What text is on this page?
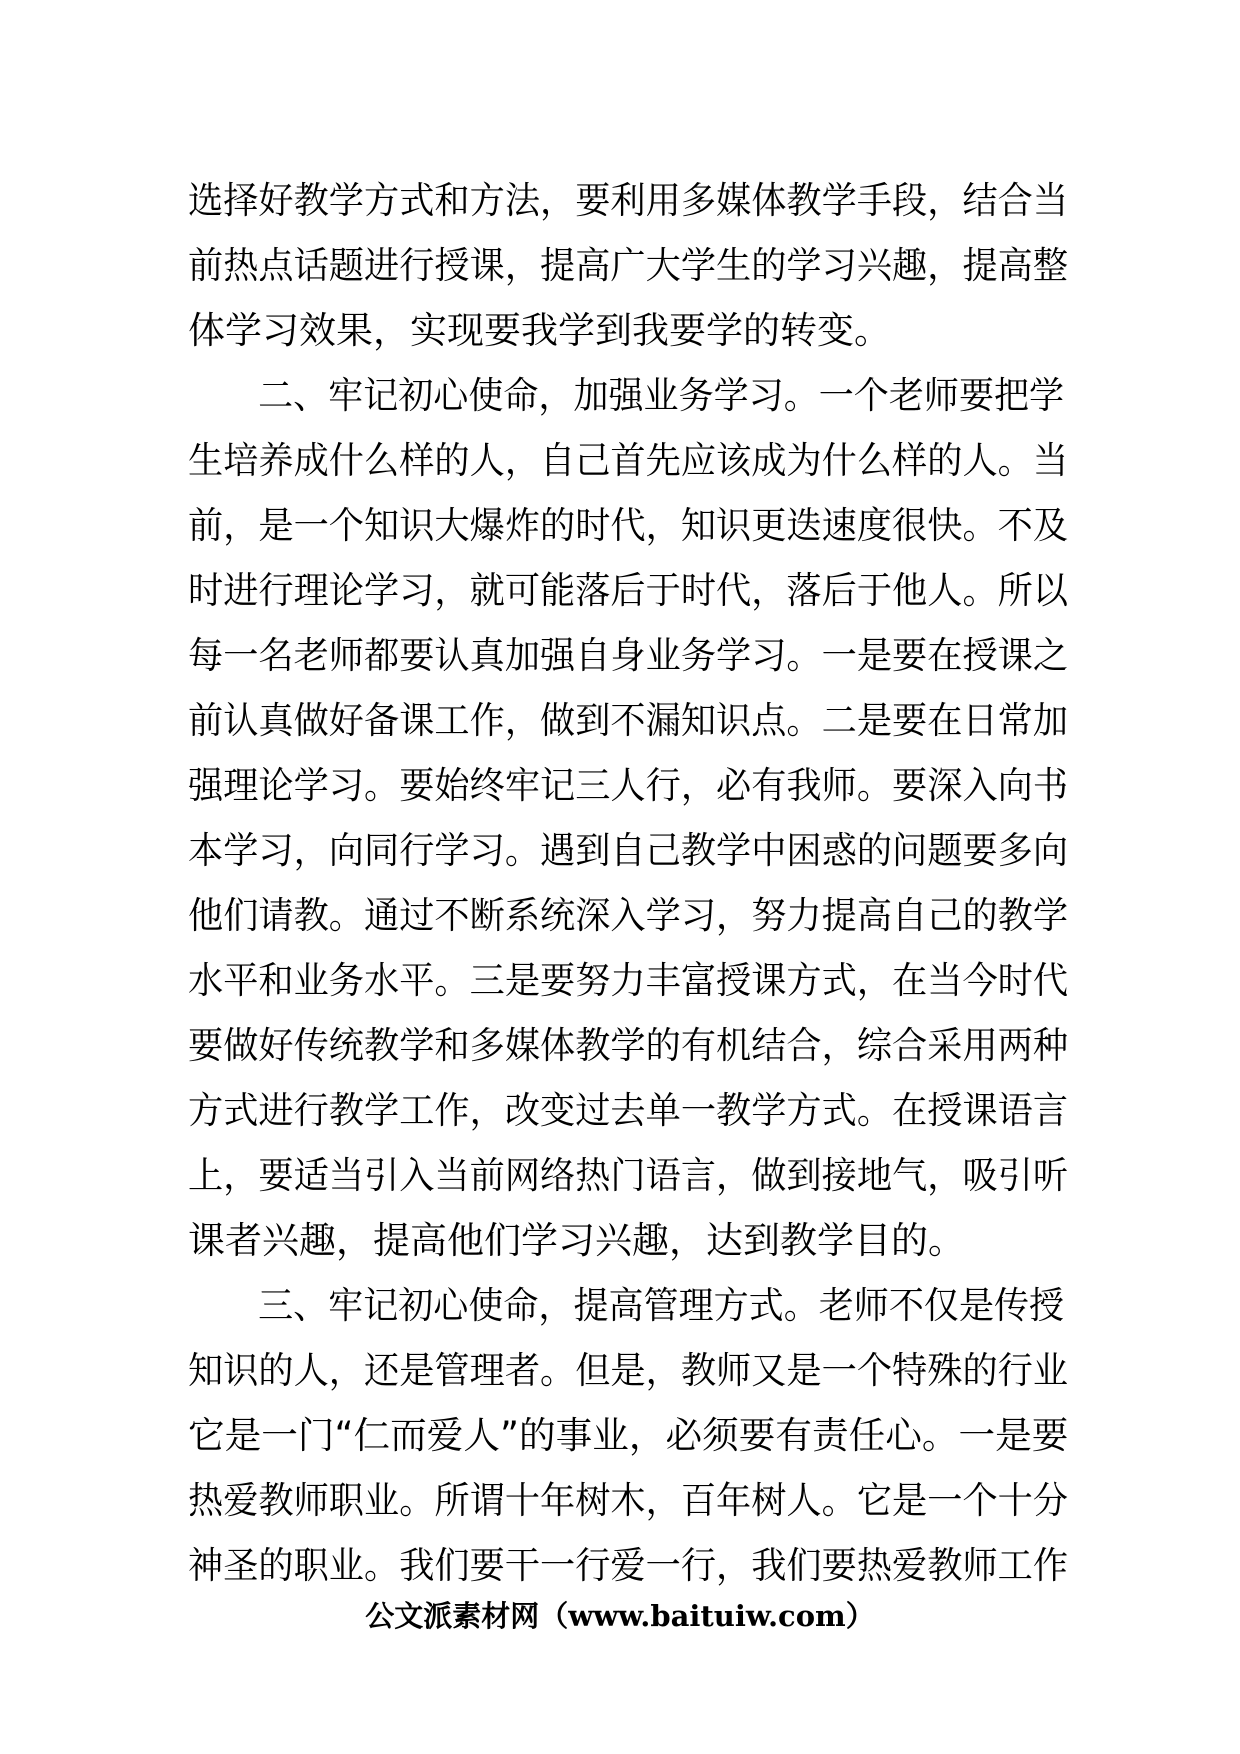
选择好教学方式和方法，要利用多媒体教学手段，结合当
前热点话题进行授课，提高广大学生的学习兴趣，提高整
体学习效果，实现要我学到我要学的转变。
二、牢记初心使命，加强业务学习。一个老师要把学
生培养成什么样的人，自己首先应该成为什么样的人。当
前，是一个知识大爆炸的时代，知识更迭速度很快。不及
时进行理论学习，就可能落后于时代，落后于他人。所以
每一名老师都要认真加强自身业务学习。一是要在授课之
前认真做好备课工作，做到不漏知识点。二是要在日常加
强理论学习。要始终牢记三人行，必有我师。要深入向书
本学习，向同行学习。遇到自己教学中困惑的问题要多向
他们请教。通过不断系统深入学习，努力提高自己的教学
水平和业务水平。三是要努力丰富授课方式，在当今时代
要做好传统教学和多媒体教学的有机结合，综合采用两种
方式进行教学工作，改变过去单一教学方式。在授课语言
上，要适当引入当前网络热门语言，做到接地气，吸引听
课者兴趣，提高他们学习兴趣，达到教学目的。
三、牢记初心使命，提高管理方式。老师不仅是传授
知识的人，还是管理者。但是，教师又是一个特殊的行业
它是一门“仁而爱人”的事业，必须要有责任心。一是要
热爱教师职业。所谓十年树木，百年树人。它是一个十分
神圣的职业。我们要干一行爱一行，我们要热爱教师工作
公文派素材网（www.baituiw.com）
